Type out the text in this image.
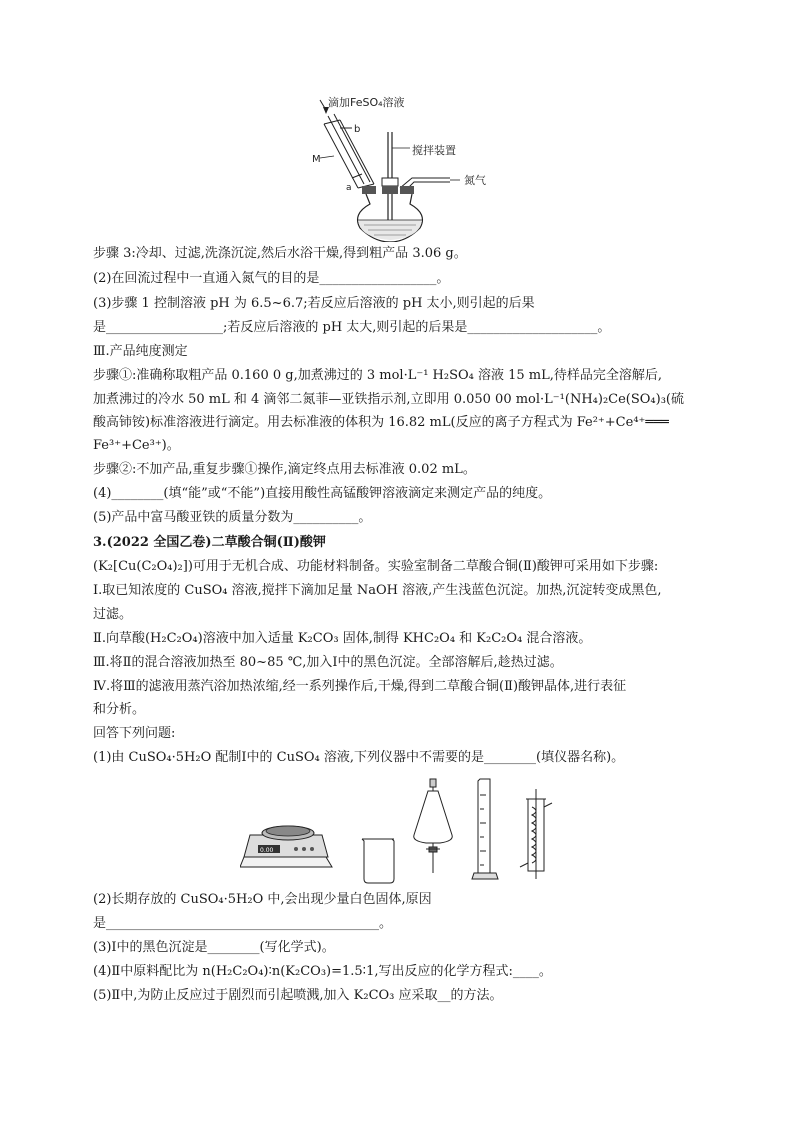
滴加FeSO₄溶液
b
M
a
搅拌装置
氮气
步骤 3:冷却、过滤,洗涤沉淀,然后水浴干燥,得到粗产品 3.06 g。
(2)在回流过程中一直通入氮气的目的是__________________。
(3)步骤 1 控制溶液 pH 为 6.5~6.7;若反应后溶液的 pH 太小,则引起的后果
是__________________;若反应后溶液的 pH 太大,则引起的后果是____________________。
Ⅲ.产品纯度测定
步骤①:准确称取粗产品 0.160 0 g,加煮沸过的 3 mol·L⁻¹ H₂SO₄ 溶液 15 mL,待样品完全溶解后,
加煮沸过的冷水 50 mL 和 4 滴邻二氮菲—亚铁指示剂,立即用 0.050 00 mol·L⁻¹(NH₄)₂Ce(SO₄)₃(硫
酸高铈铵)标准溶液进行滴定。用去标准液的体积为 16.82 mL(反应的离子方程式为 Fe²⁺+Ce⁴⁺═══
Fe³⁺+Ce³⁺)。
步骤②:不加产品,重复步骤①操作,滴定终点用去标准液 0.02 mL。
(4)________(填“能”或“不能”)直接用酸性高锰酸钾溶液滴定来测定产品的纯度。
(5)产品中富马酸亚铁的质量分数为__________。
3.(2022 全国乙卷)二草酸合铜(Ⅱ)酸钾
(K₂[Cu(C₂O₄)₂])可用于无机合成、功能材料制备。实验室制备二草酸合铜(Ⅱ)酸钾可采用如下步骤:
Ⅰ.取已知浓度的 CuSO₄ 溶液,搅拌下滴加足量 NaOH 溶液,产生浅蓝色沉淀。加热,沉淀转变成黑色,
过滤。
Ⅱ.向草酸(H₂C₂O₄)溶液中加入适量 K₂CO₃ 固体,制得 KHC₂O₄ 和 K₂C₂O₄ 混合溶液。
Ⅲ.将Ⅱ的混合溶液加热至 80~85 ℃,加入Ⅰ中的黑色沉淀。全部溶解后,趁热过滤。
Ⅳ.将Ⅲ的滤液用蒸汽浴加热浓缩,经一系列操作后,干燥,得到二草酸合铜(Ⅱ)酸钾晶体,进行表征
和分析。
回答下列问题:
(1)由 CuSO₄·5H₂O 配制Ⅰ中的 CuSO₄ 溶液,下列仪器中不需要的是________(填仪器名称)。
0.00
(2)长期存放的 CuSO₄·5H₂O 中,会出现少量白色固体,原因
是__________________________________________。
(3)Ⅰ中的黑色沉淀是________(写化学式)。
(4)Ⅱ中原料配比为 n(H₂C₂O₄)∶n(K₂CO₃)=1.5∶1,写出反应的化学方程式:____。
(5)Ⅱ中,为防止反应过于剧烈而引起喷溅,加入 K₂CO₃ 应采取__的方法。
